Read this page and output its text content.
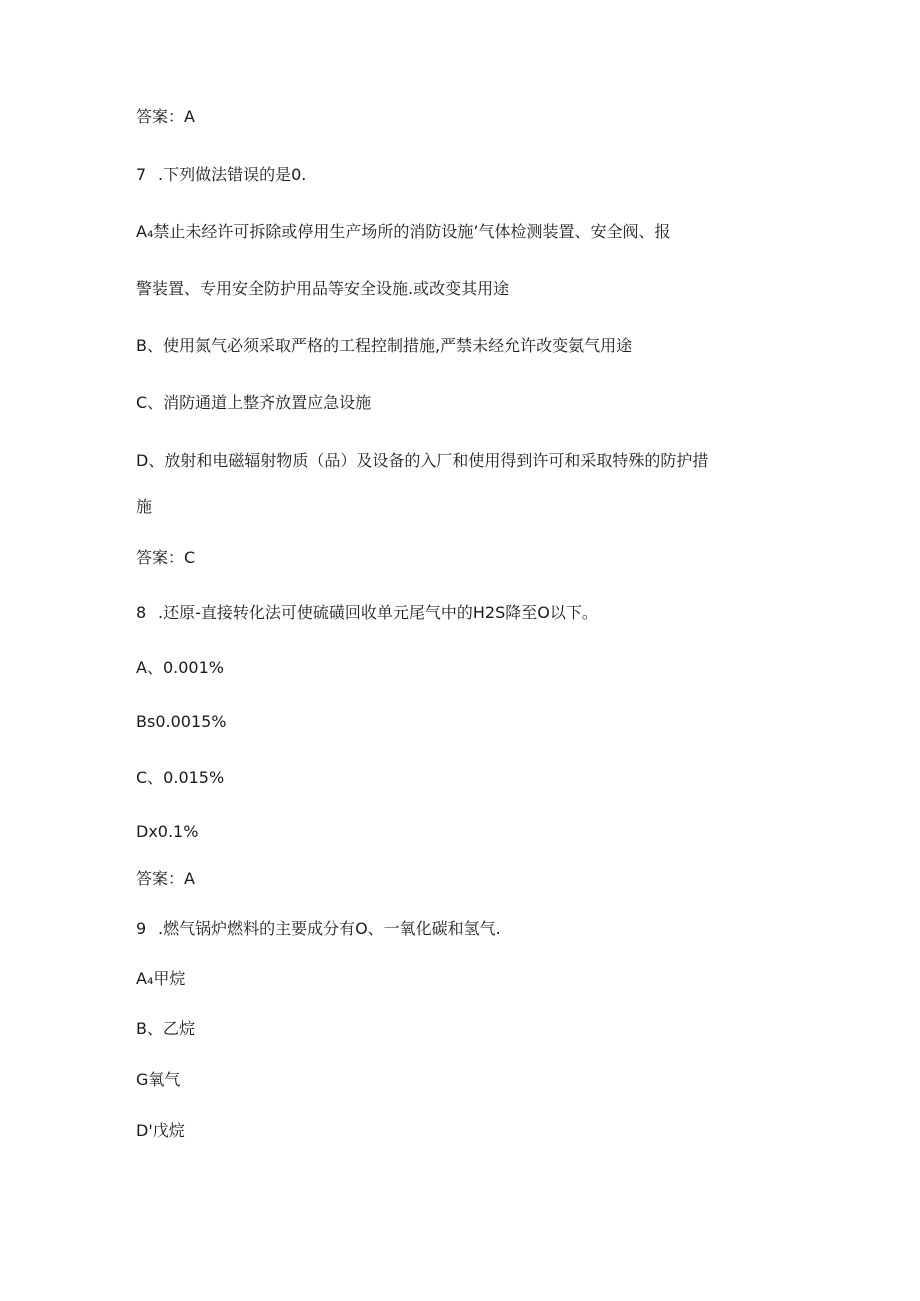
答案：A
7 .下列做法错误的是0.
A₄禁止未经许可拆除或停用生产场所的消防设施’气体检测装置、安全阀、报
警装置、专用安全防护用品等安全设施.或改变其用途
B、使用氮气必须采取严格的工程控制措施,严禁未经允许改变氨气用途
C、消防通道上整齐放置应急设施
D、放射和电磁辐射物质（品）及设备的入厂和使用得到许可和采取特殊的防护措
施
答案：C
8 .还原-直接转化法可使硫磺回收单元尾气中的H2S降至O以下。
A、0.001%
Bs0.0015%
C、0.015%
Dx0.1%
答案：A
9 .燃气锅炉燃料的主要成分有O、一氧化碳和氢气.
A₄甲烷
B、乙烷
G氧气
D'戊烷
